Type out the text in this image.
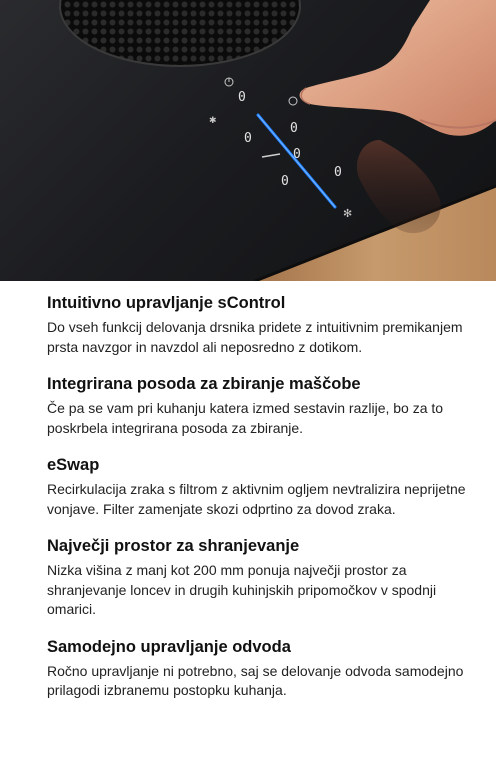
✱
✻
0
0
0
0
0
0
Intuitivno upravljanje sControl

Do vseh funkcij delovanja drsnika pridete z intuitivnim premikanjem prsta navzgor in navzdol ali neposredno z dotikom.

Integrirana posoda za zbiranje maščobe

Če pa se vam pri kuhanju katera izmed sestavin razlije, bo za to poskrbela integrirana posoda za zbiranje.

eSwap

Recirkulacija zraka s filtrom z aktivnim ogljem nevtralizira neprijetne vonjave. Filter zamenjate skozi odprtino za dovod zraka.

Največji prostor za shranjevanje

Nizka višina z manj kot 200 mm ponuja največji prostor za shranjevanje loncev in drugih kuhinjskih pripomočkov v spodnji omarici.

Samodejno upravljanje odvoda

Ročno upravljanje ni potrebno, saj se delovanje odvoda samodejno prilagodi izbranemu postopku kuhanja.
